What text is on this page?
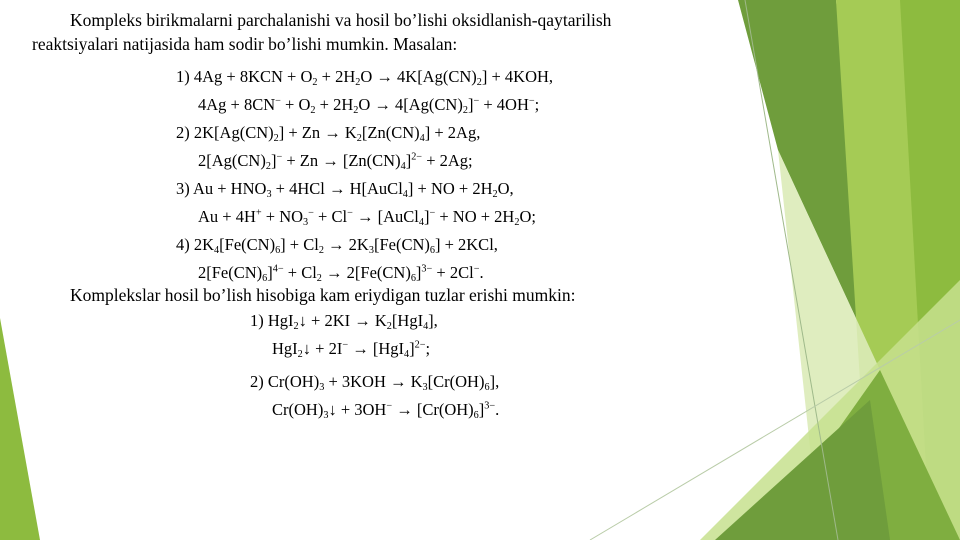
Kompleks birikmalarni parchalanishi va hosil bo’lishi oksidlanish-qaytarilish
reaktsiyalari natijasida ham sodir bo’lishi mumkin. Masalan:
1) $4Ag + 8KCN + O_2 + 2H_2O \to 4K[Ag(CN)_2] + 4KOH$,
$4Ag + 8CN^- + O_2 + 2H_2O \to 4[Ag(CN)_2]^- + 4OH^-$;
2) $2K[Ag(CN)_2] + Zn \to K_2[Zn(CN)_4] + 2Ag$,
$2[Ag(CN)_2]^- + Zn \to [Zn(CN)_4]^{2-} + 2Ag$;
3) $Au + HNO_3 + 4HCl$ → H[AuCl$_4$] + NO + $2H_2O$,
$Au + 4H^+ + NO_3^- + Cl^-$ → [AuCl$_4$]− + NO + $2H_2O$;
4) $2K_4[Fe(CN)_6] + Cl_2 \to 2K_3[Fe(CN)_6] + 2KCl$,
$2[Fe(CN)_6]^{4-} + Cl_2 \to 2[Fe(CN)_6]^{3-} + 2Cl^-$.
Komplekslar hosil bo’lish hisobiga kam eriydigan tuzlar erishi mumkin:
1) HgI$_2$↓ + $2KI \to K_2[HgI_4]$,
HgI$_2$↓ + $2I^- \to [HgI_4]^{2-}$;
2) $Cr(OH)_3 + 3KOH \to K_3[Cr(OH)_6]$,
$Cr(OH)_3↓ + 3OH^- \to [Cr(OH)_6]^{3-}$.
